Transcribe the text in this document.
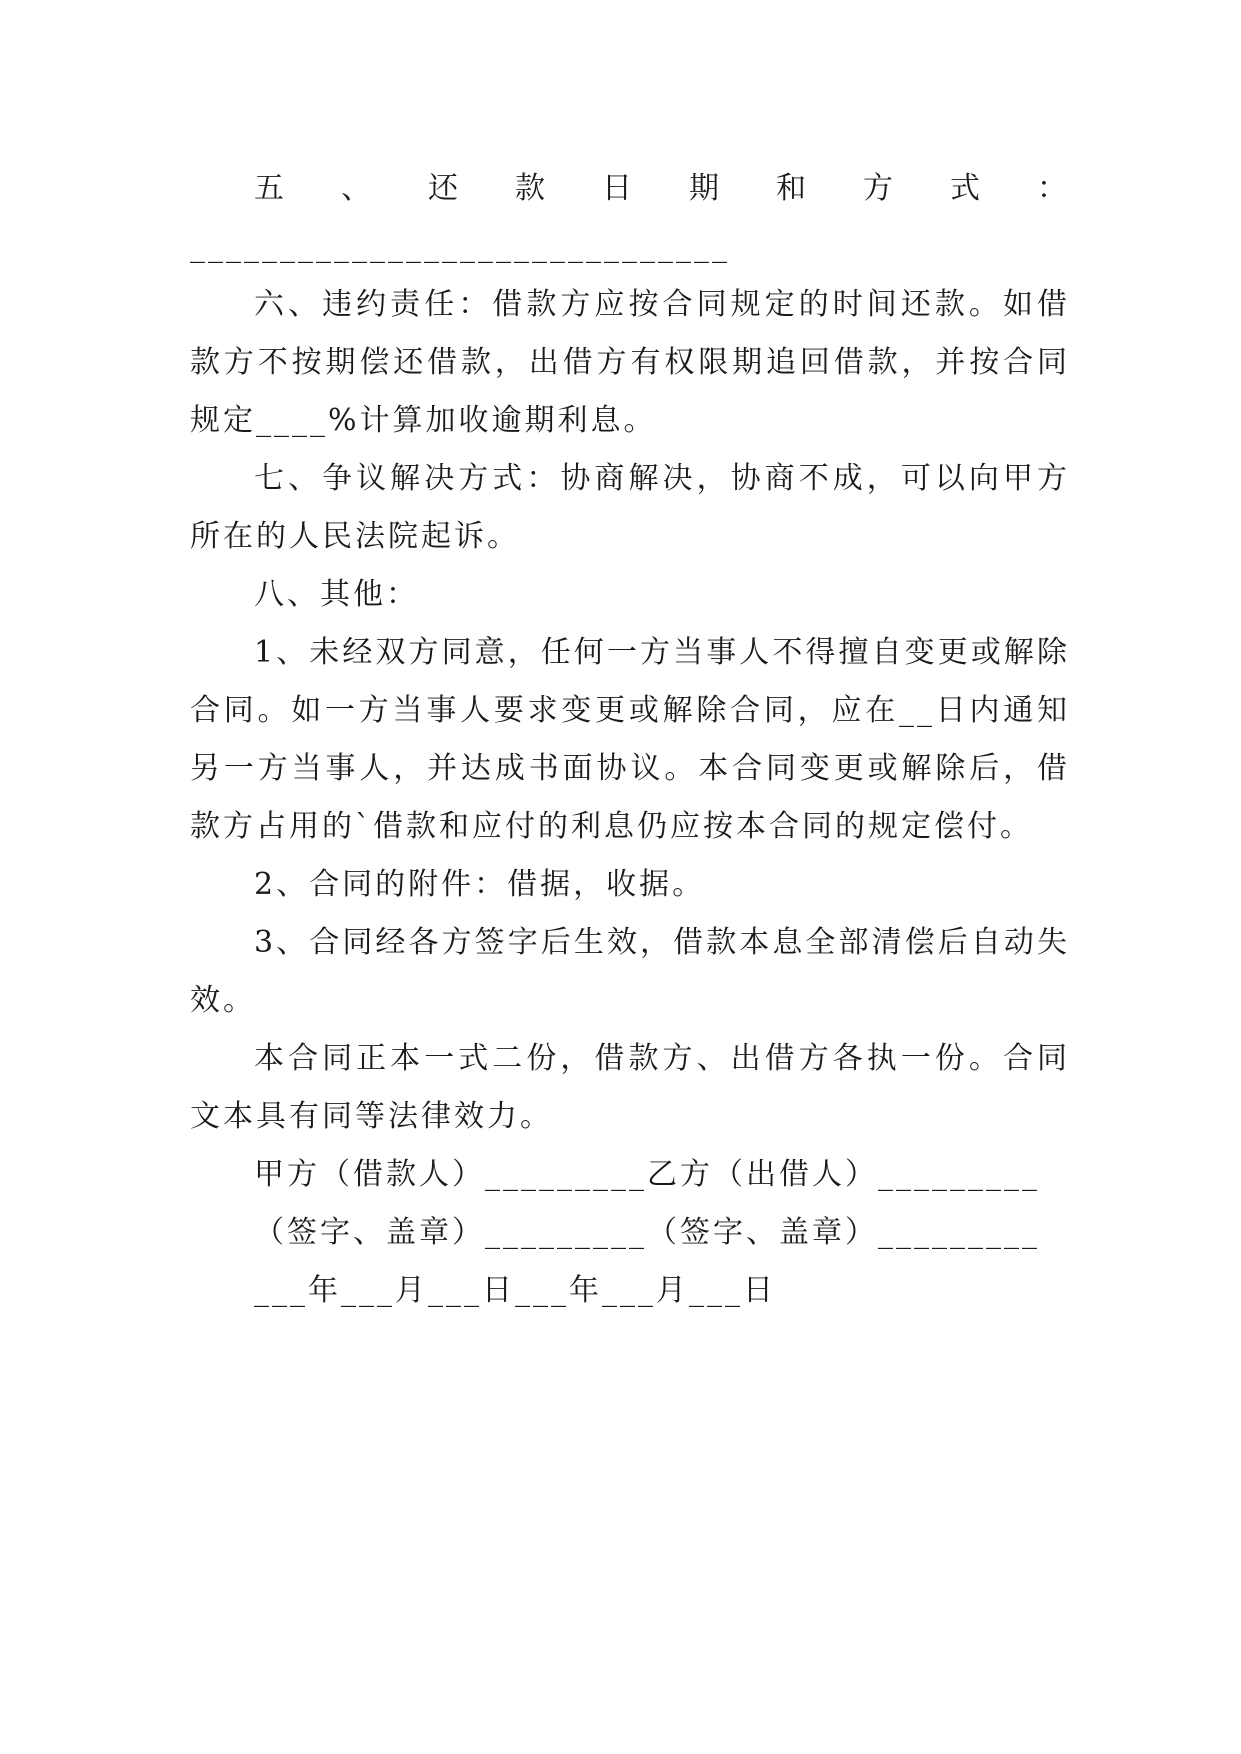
五、还款日期和方式：______________________________

六、违约责任：借款方应按合同规定的时间还款。如借款方不按期偿还借款，出借方有权限期追回借款，并按合同规定____%计算加收逾期利息。

七、争议解决方式：协商解决，协商不成，可以向甲方所在的人民法院起诉。

八、其他：

1、未经双方同意，任何一方当事人不得擅自变更或解除合同。如一方当事人要求变更或解除合同，应在__日内通知另一方当事人，并达成书面协议。本合同变更或解除后，借款方占用的`借款和应付的利息仍应按本合同的规定偿付。

2、合同的附件：借据，收据。

3、合同经各方签字后生效，借款本息全部清偿后自动失效。

本合同正本一式二份，借款方、出借方各执一份。合同文本具有同等法律效力。

甲方（借款人）_________乙方（出借人）_________

（签字、盖章）_________（签字、盖章）_________

___年___月___日___年___月___日
